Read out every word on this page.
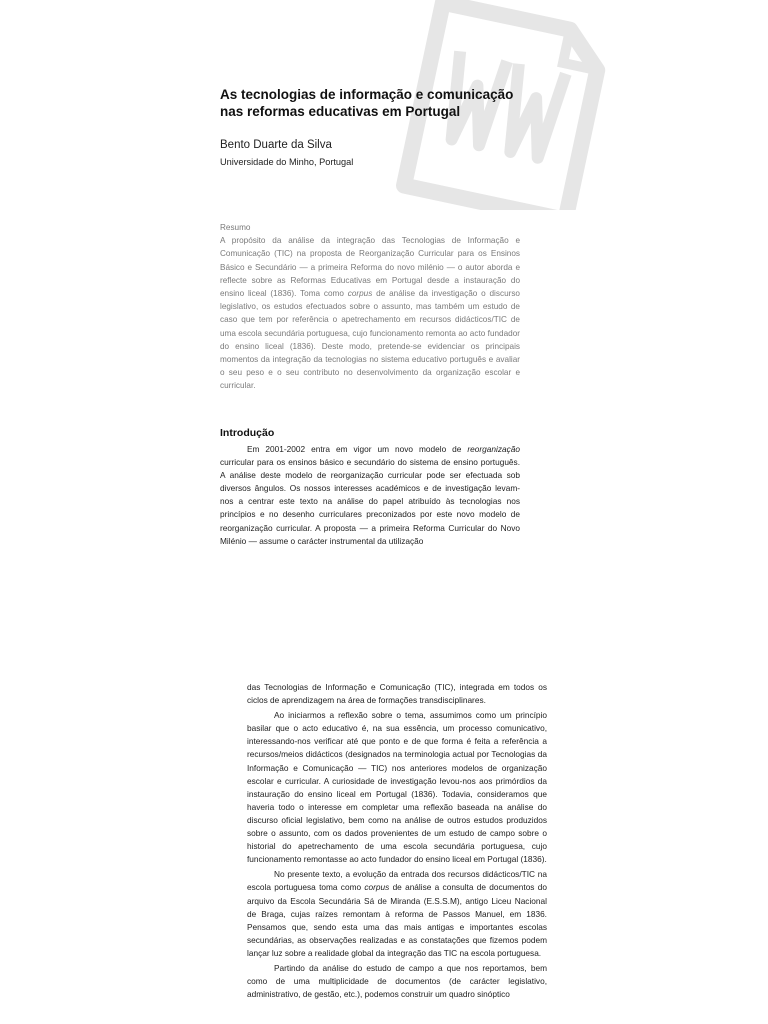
As tecnologias de informação e comunicação
nas reformas educativas em Portugal
Bento Duarte da Silva
Universidade do Minho, Portugal
Resumo

A propósito da análise da integração das Tecnologias de Informação e Comunicação (TIC) na proposta de Reorganização Curricular para os Ensinos Básico e Secundário — a primeira Reforma do novo milénio — o autor aborda e reflecte sobre as Reformas Educativas em Portugal desde a instauração do ensino liceal (1836). Toma como corpus de análise da investigação o discurso legislativo, os estudos efectuados sobre o assunto, mas também um estudo de caso que tem por referência o apetrechamento em recursos didácticos/TIC de uma escola secundária portuguesa, cujo funcionamento remonta ao acto fundador do ensino liceal (1836). Deste modo, pretende-se evidenciar os principais momentos da integração da tecnologias no sistema educativo português e avaliar o seu peso e o seu contributo no desenvolvimento da organização escolar e curricular.

Introdução

Em 2001-2002 entra em vigor um novo modelo de reorganização curricular para os ensinos básico e secundário do sistema de ensino português. A análise deste modelo de reorganização curricular pode ser efectuada sob diversos ângulos. Os nossos interesses académicos e de investigação levam-nos a centrar este texto na análise do papel atribuído às tecnologias nos princípios e no desenho curriculares preconizados por este novo modelo de reorganização curricular. A proposta — a primeira Reforma Curricular do Novo Milénio — assume o carácter instrumental da utilização

das Tecnologias de Informação e Comunicação (TIC), integrada em todos os ciclos de aprendizagem na área de formações transdisciplinares.

Ao iniciarmos a reflexão sobre o tema, assumimos como um princípio basilar que o acto educativo é, na sua essência, um processo comunicativo, interessando-nos verificar até que ponto e de que forma é feita a referência a recursos/meios didácticos (designados na terminologia actual por Tecnologias da Informação e Comunicação — TIC) nos anteriores modelos de organização escolar e curricular. A curiosidade de investigação levou-nos aos primórdios da instauração do ensino liceal em Portugal (1836). Todavia, consideramos que haveria todo o interesse em completar uma reflexão baseada na análise do discurso oficial legislativo, bem como na análise de outros estudos produzidos sobre o assunto, com os dados provenientes de um estudo de campo sobre o historial do apetrechamento de uma escola secundária portuguesa, cujo funcionamento remontasse ao acto fundador do ensino liceal em Portugal (1836).

No presente texto, a evolução da entrada dos recursos didácticos/TIC na escola portuguesa toma como corpus de análise a consulta de documentos do arquivo da Escola Secundária Sá de Miranda (E.S.S.M), antigo Liceu Nacional de Braga, cujas raízes remontam à reforma de Passos Manuel, em 1836. Pensamos que, sendo esta uma das mais antigas e importantes escolas secundárias, as observações realizadas e as constatações que fizemos podem lançar luz sobre a realidade global da integração das TIC na escola portuguesa.

Partindo da análise do estudo de campo a que nos reportamos, bem como de uma multiplicidade de documentos (de carácter legislativo, administrativo, de gestão, etc.), podemos construir um quadro sinóptico
